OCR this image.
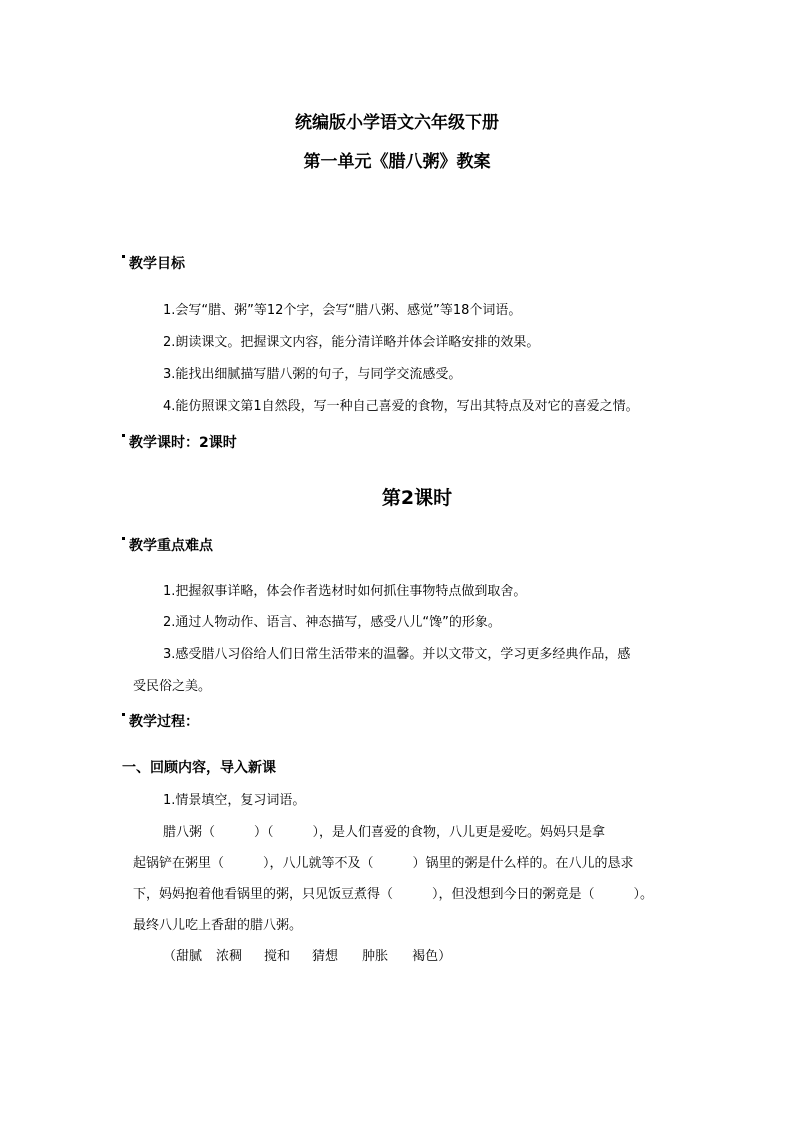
统编版小学语文六年级下册
第一单元《腊八粥》教案
教学目标
1.会写“腊、粥”等12个字，会写“腊八粥、感觉”等18个词语。
2.朗读课文。把握课文内容，能分清详略并体会详略安排的效果。
3.能找出细腻描写腊八粥的句子，与同学交流感受。
4.能仿照课文第1自然段，写一种自己喜爱的食物，写出其特点及对它的喜爱之情。
教学课时：2课时
第2课时
教学重点难点
1.把握叙事详略，体会作者选材时如何抓住事物特点做到取舍。
2.通过人物动作、语言、神态描写，感受八儿“馋”的形象。
3.感受腊八习俗给人们日常生活带来的温馨。并以文带文，学习更多经典作品，感
受民俗之美。
教学过程：
一、回顾内容，导入新课
1.情景填空，复习词语。
腊八粥（　　　）（　　　），是人们喜爱的食物，八儿更是爱吃。妈妈只是拿
起锅铲在粥里（　　　），八儿就等不及（　　　）锅里的粥是什么样的。在八儿的恳求
下，妈妈抱着他看锅里的粥，只见饭豆煮得（　　　），但没想到今日的粥竟是（　　　）。
最终八儿吃上香甜的腊八粥。
（甜腻 浓稠 搅和 猜想 肿胀 褐色）
